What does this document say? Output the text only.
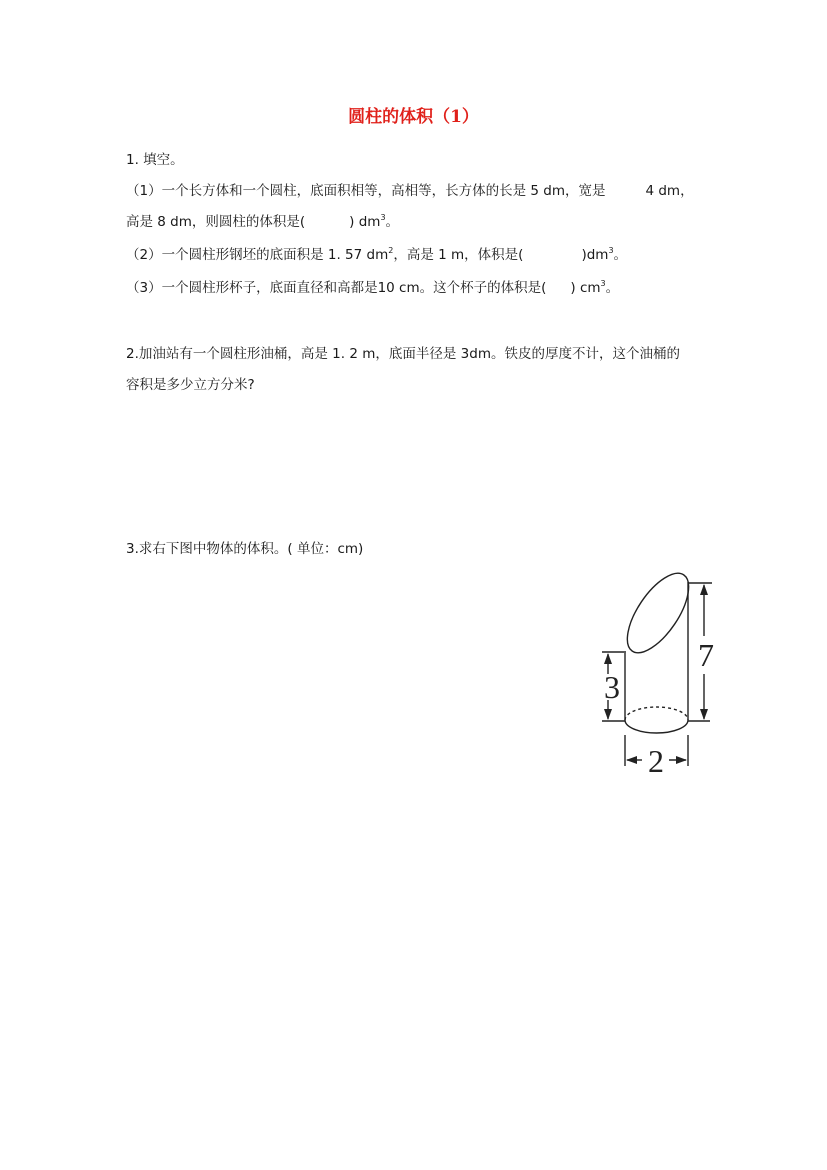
圆柱的体积（1）
1. 填空。
（1）一个长方体和一个圆柱，底面积相等，高相等，长方体的长是 5 dm，宽是	4 dm，
高是 8 dm，则圆柱的体积是(	) $dm^3$。
（2）一个圆柱形钢坯的底面积是 1. 57 $dm^2$，高是 1 m，体积是(	)$dm^3$。
（3）一个圆柱形杯子，底面直径和高都是10 cm。这个杯子的体积是( ) $cm^3$。
2.加油站有一个圆柱形油桶，高是 1. 2 m，底面半径是 3dm。铁皮的厚度不计，这个油桶的
容积是多少立方分米?
3.求右下图中物体的体积。( 单位：cm)
3
7
2
